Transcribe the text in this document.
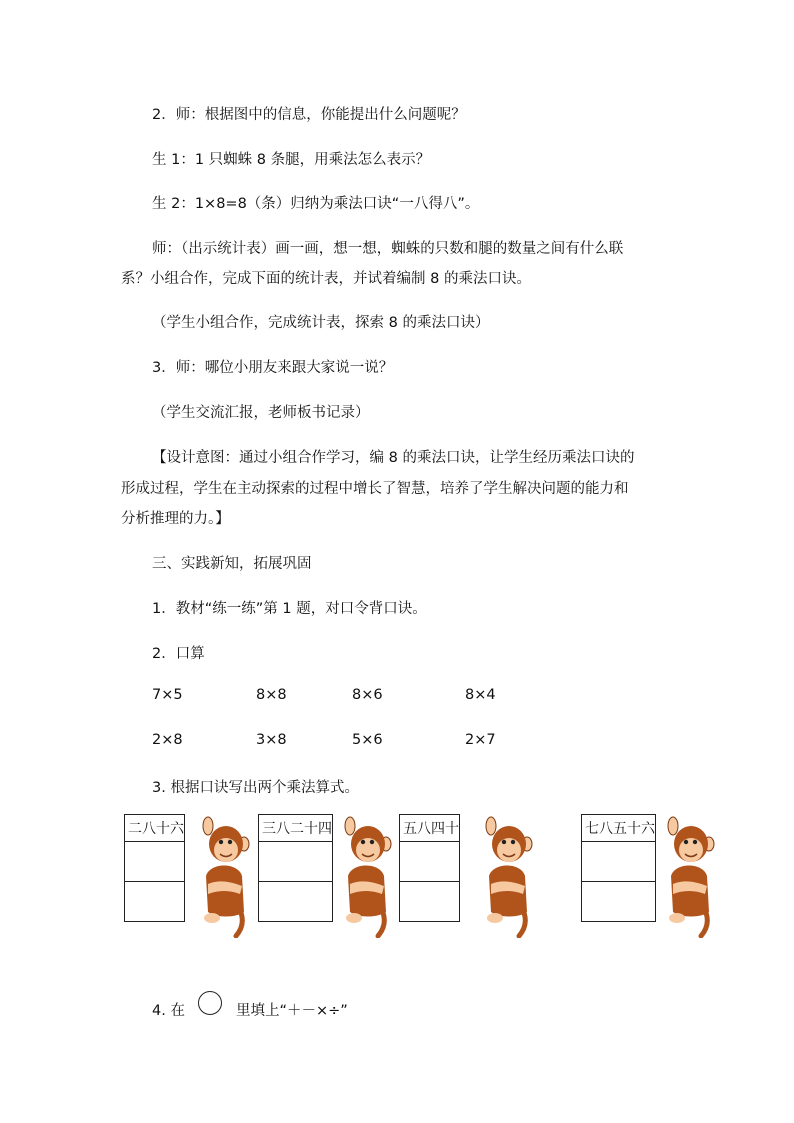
2．师：根据图中的信息，你能提出什么问题呢？
生 1：1 只蜘蛛 8 条腿，用乘法怎么表示？
生 2：1×8=8（条）归纳为乘法口诀“一八得八”。
师：（出示统计表）画一画，想一想，蜘蛛的只数和腿的数量之间有什么联
系？小组合作，完成下面的统计表，并试着编制 8 的乘法口诀。
（学生小组合作，完成统计表，探索 8 的乘法口诀）
3．师：哪位小朋友来跟大家说一说？
（学生交流汇报，老师板书记录）
【设计意图：通过小组合作学习，编 8 的乘法口诀，让学生经历乘法口诀的
形成过程，学生在主动探索的过程中增长了智慧，培养了学生解决问题的能力和
分析推理的力。】
三、实践新知，拓展巩固
1．教材“练一练”第 1 题，对口令背口诀。
2．口算
7×5	8×8	8×6	8×4
2×8	3×8	5×6	2×7
3. 根据口诀写出两个乘法算式。
二八十六	三八二十四	五八四十	七八五十六

4. 在	里填上“＋－×÷”
